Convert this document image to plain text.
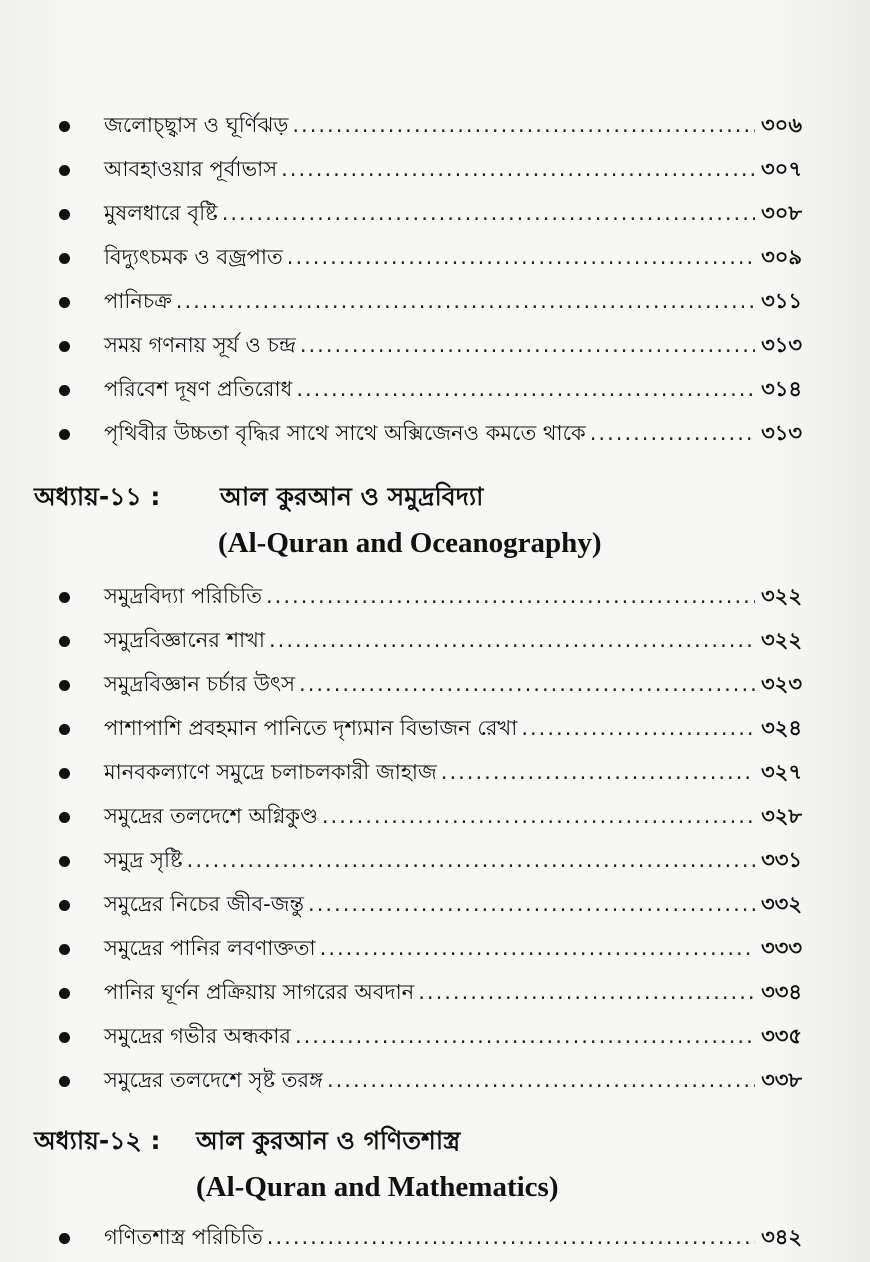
জলোচ্ছ্বাস ও ঘূর্ণিঝড় .....	৩০৬
আবহাওয়ার পূর্বাভাস .....	৩০৭
মুষলধারে বৃষ্টি .....	৩০৮
বিদ্যুৎচমক ও বজ্রপাত .....	৩০৯
পানিচক্র .....	৩১১
সময় গণনায় সূর্য ও চন্দ্র .....	৩১৩
পরিবেশ দূষণ প্রতিরোধ .....	৩১৪
পৃথিবীর উচ্চতা বৃদ্ধির সাথে সাথে অক্সিজেনও কমতে থাকে .....	৩১৩
অধ্যায়-১১ : আল কুরআন ও সমুদ্রবিদ্যা
(Al-Quran and Oceanography)
সমুদ্রবিদ্যা পরিচিতি .....	৩২২
সমুদ্রবিজ্ঞানের শাখা .....	৩২২
সমুদ্রবিজ্ঞান চর্চার উৎস .....	৩২৩
পাশাপাশি প্রবহমান পানিতে দৃশ্যমান বিভাজন রেখা .....	৩২৪
মানবকল্যাণে সমুদ্রে চলাচলকারী জাহাজ .....	৩২৭
সমুদ্রের তলদেশে অগ্নিকুণ্ড .....	৩২৮
সমুদ্র সৃষ্টি .....	৩৩১
সমুদ্রের নিচের জীব-জন্তু .....	৩৩২
সমুদ্রের পানির লবণাক্ততা .....	৩৩৩
পানির ঘূর্ণন প্রক্রিয়ায় সাগরের অবদান .....	৩৩৪
সমুদ্রের গভীর অন্ধকার .....	৩৩৫
সমুদ্রের তলদেশে সৃষ্ট তরঙ্গ .....	৩৩৮
অধ্যায়-১২ : আল কুরআন ও গণিতশাস্ত্র
(Al-Quran and Mathematics)
গণিতশাস্ত্র পরিচিতি .....	৩৪২
